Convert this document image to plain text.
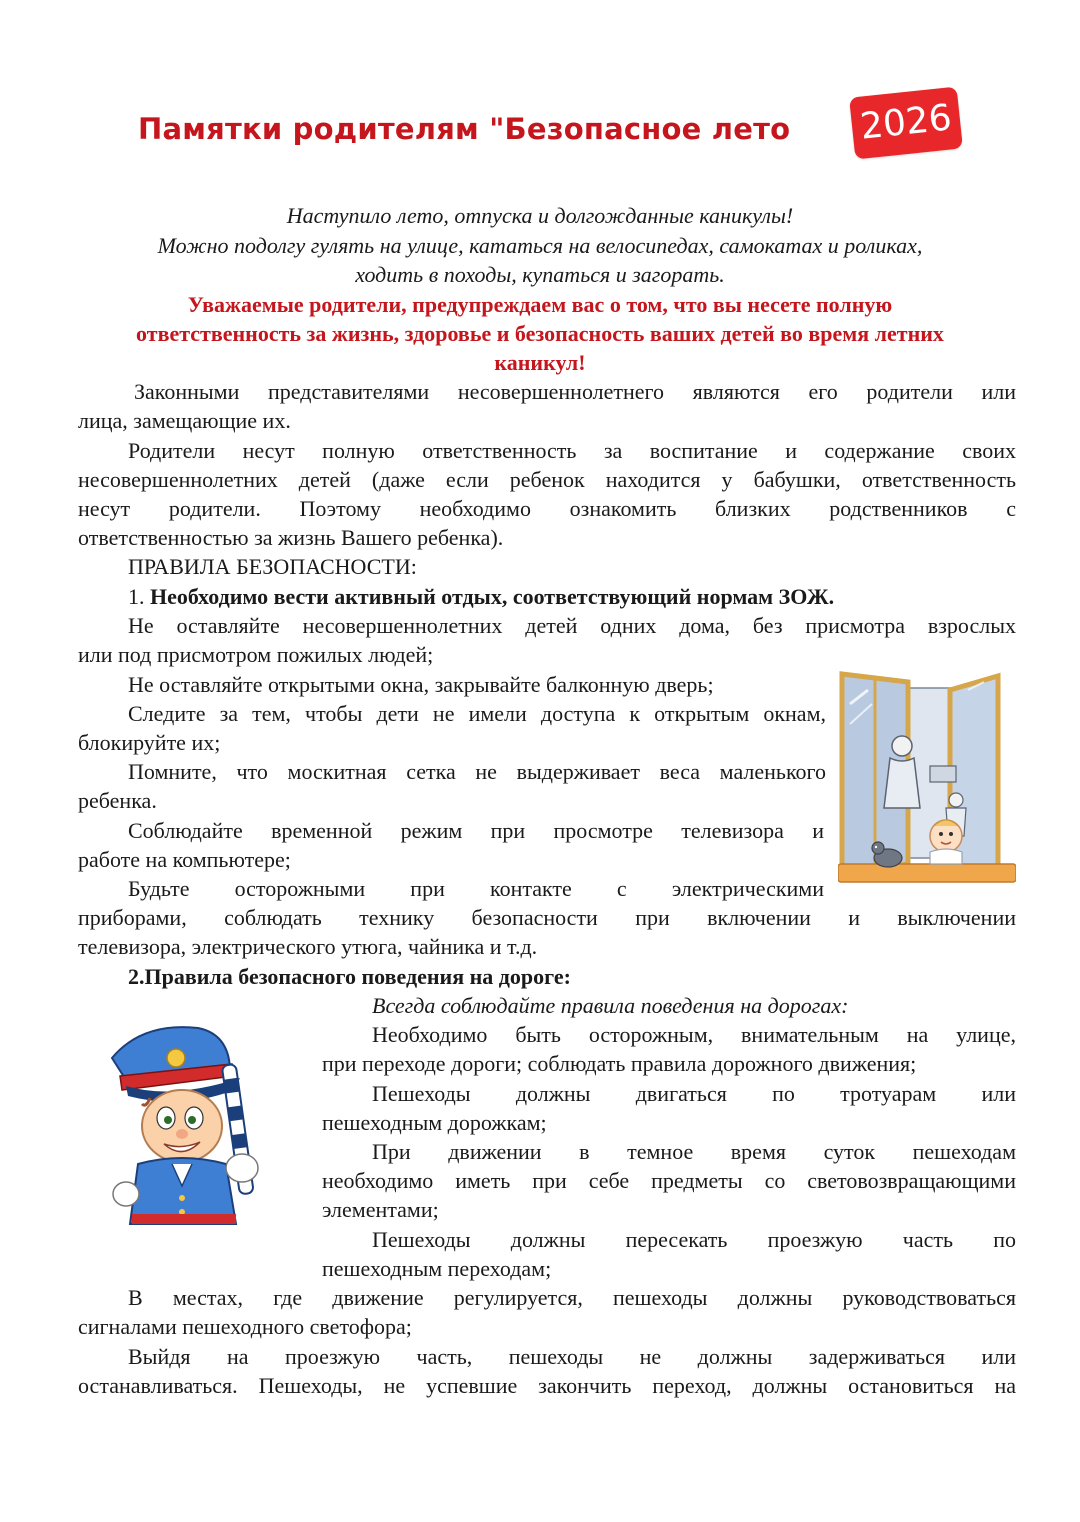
Памятки родителям "Безопасное лето 2026
Наступило лето, отпуска и долгожданные каникулы!
Можно подолгу гулять на улице, кататься на велосипедах, самокатах и роликах,
ходить в походы, купаться и загорать.
Уважаемые родители, предупреждаем вас о том, что вы несете полную
ответственность за жизнь, здоровье и безопасность ваших детей во время летних
каникул!
Законными представителями несовершеннолетнего являются его родители или
лица, замещающие их.
Родители несут полную ответственность за воспитание и содержание своих
несовершеннолетних детей (даже если ребенок находится у бабушки, ответственность
несут родители. Поэтому необходимо ознакомить близких родственников с
ответственностью за жизнь Вашего ребенка).
ПРАВИЛА БЕЗОПАСНОСТИ:
1. Необходимо вести активный отдых, соответствующий нормам ЗОЖ.
Не оставляйте несовершеннолетних детей одних дома, без присмотра взрослых
или под присмотром пожилых людей;
Не оставляйте открытыми окна, закрывайте балконную дверь;
Следите за тем, чтобы дети не имели доступа к открытым окнам,
блокируйте их;
Помните, что москитная сетка не выдерживает веса маленького
ребенка.
Соблюдайте временной режим при просмотре телевизора и
работе на компьютере;
Будьте осторожными при контакте с электрическими
приборами, соблюдать технику безопасности при включении и выключении
телевизора, электрического утюга, чайника и т.д.
2.Правила безопасного поведения на дороге:
Всегда соблюдайте правила поведения на дорогах:
Необходимо быть осторожным, внимательным на улице,
при переходе дороги; соблюдать правила дорожного движения;
Пешеходы должны двигаться по тротуарам или
пешеходным дорожкам;
При движении в темное время суток пешеходам
необходимо иметь при себе предметы со световозвращающими
элементами;
Пешеходы должны пересекать проезжую часть по
пешеходным переходам;
В местах, где движение регулируется, пешеходы должны руководствоваться
сигналами пешеходного светофора;
Выйдя на проезжую часть, пешеходы не должны задерживаться или
останавливаться. Пешеходы, не успевшие закончить переход, должны остановиться на
